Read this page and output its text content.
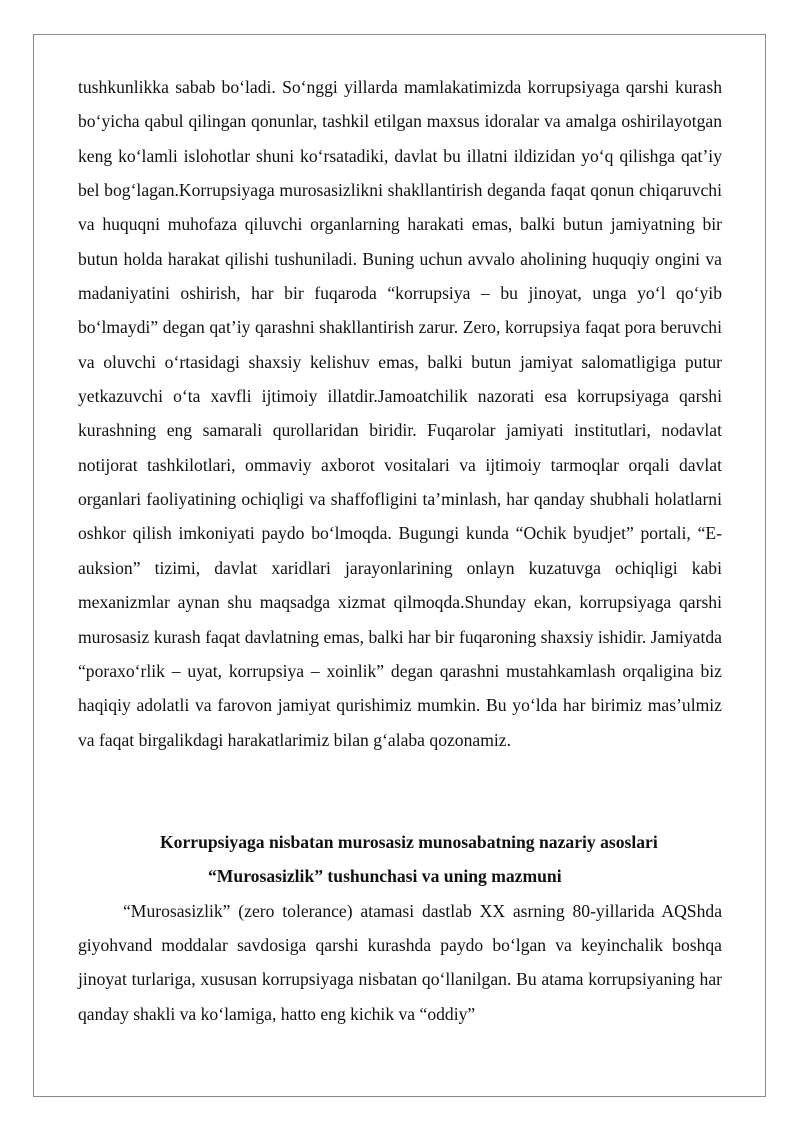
tushkunlikka sabab bo‘ladi. So‘nggi yillarda mamlakatimizda korrupsiyaga qarshi kurash bo‘yicha qabul qilingan qonunlar, tashkil etilgan maxsus idoralar va amalga oshirilayotgan keng ko‘lamli islohotlar shuni ko‘rsatadiki, davlat bu illatni ildizidan yo‘q qilishga qat’iy bel bog‘lagan.Korrupsiyaga murosasizlikni shakllantirish deganda faqat qonun chiqaruvchi va huquqni muhofaza qiluvchi organlarning harakati emas, balki butun jamiyatning bir butun holda harakat qilishi tushuniladi. Buning uchun avvalo aholining huquqiy ongini va madaniyatini oshirish, har bir fuqaroda “korrupsiya – bu jinoyat, unga yo‘l qo‘yib bo‘lmaydi” degan qat’iy qarashni shakllantirish zarur. Zero, korrupsiya faqat pora beruvchi va oluvchi o‘rtasidagi shaxsiy kelishuv emas, balki butun jamiyat salomatligiga putur yetkazuvchi o‘ta xavfli ijtimoiy illatdir.Jamoatchilik nazorati esa korrupsiyaga qarshi kurashning eng samarali qurollaridan biridir. Fuqarolar jamiyati institutlari, nodavlat notijorat tashkilotlari, ommaviy axborot vositalari va ijtimoiy tarmoqlar orqali davlat organlari faoliyatining ochiqligi va shaffofligini ta’minlash, har qanday shubhali holatlarni oshkor qilish imkoniyati paydo bo‘lmoqda. Bugungi kunda “Ochik byudjet” portali, “E-auksion” tizimi, davlat xaridlari jarayonlarining onlayn kuzatuvga ochiqligi kabi mexanizmlar aynan shu maqsadga xizmat qilmoqda.Shunday ekan, korrupsiyaga qarshi murosasiz kurash faqat davlatning emas, balki har bir fuqaroning shaxsiy ishidir. Jamiyatda “poraxo‘rlik – uyat, korrupsiya – xoinlik” degan qarashni mustahkamlash orqaligina biz haqiqiy adolatli va farovon jamiyat qurishimiz mumkin. Bu yo‘lda har birimiz mas’ulmiz va faqat birgalikdagi harakatlarimiz bilan g‘alaba qozonamiz.

Korrupsiyaga nisbatan murosasiz munosabatning nazariy asoslari

“Murosasizlik” tushunchasi va uning mazmuni

“Murosasizlik” (zero tolerance) atamasi dastlab XX asrning 80-yillarida AQShda giyohvand moddalar savdosiga qarshi kurashda paydo bo‘lgan va keyinchalik boshqa jinoyat turlariga, xususan korrupsiyaga nisbatan qo‘llanilgan. Bu atama korrupsiyaning har qanday shakli va ko‘lamiga, hatto eng kichik va “oddiy”
